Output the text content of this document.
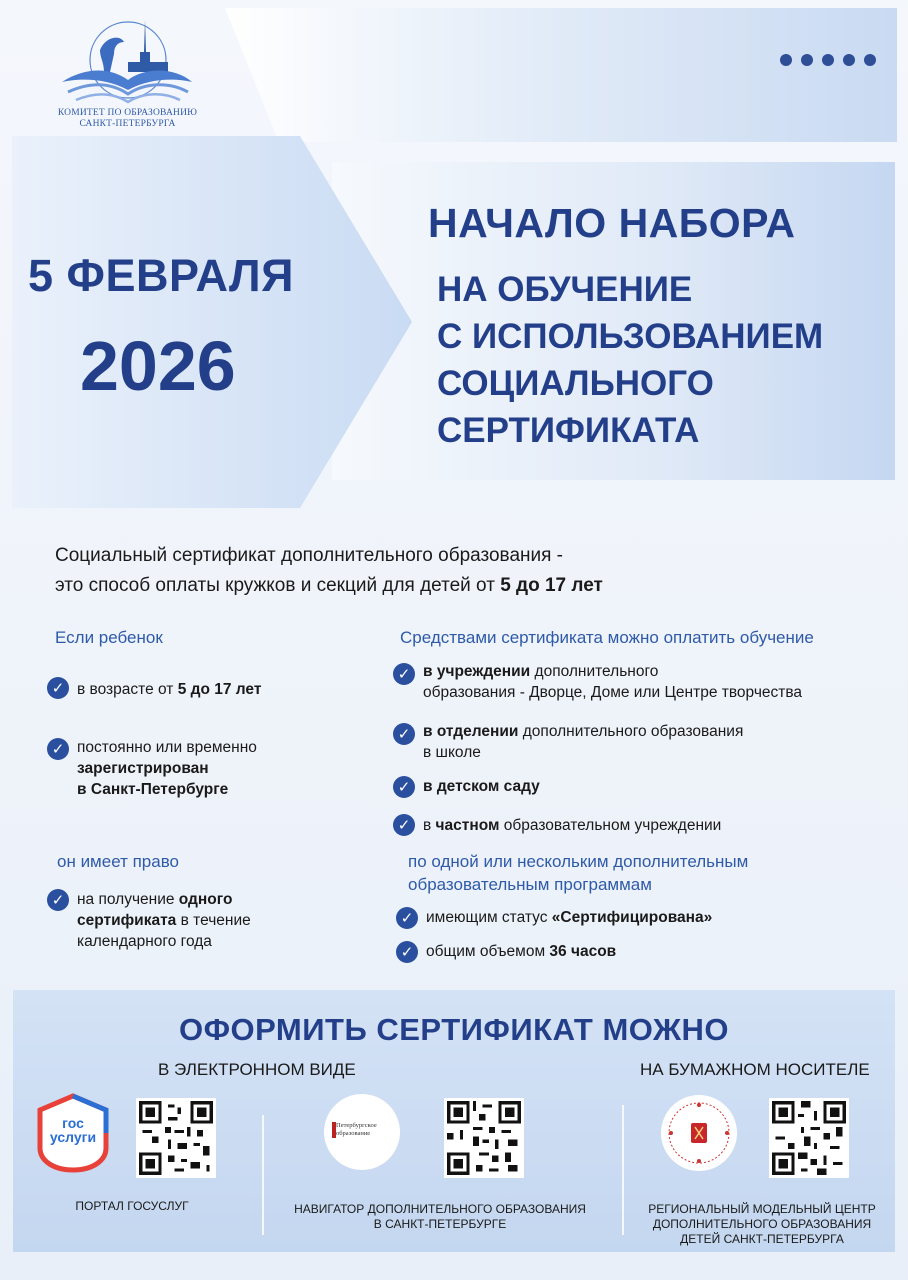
КОМИТЕТ ПО ОБРАЗОВАНИЮ
САНКТ-ПЕТЕРБУРГА
5 ФЕВРАЛЯ
2026
НАЧАЛО НАБОРА
НА ОБУЧЕНИЕ
С ИСПОЛЬЗОВАНИЕМ
СОЦИАЛЬНОГО
СЕРТИФИКАТА
Социальный сертификат дополнительного образования -
это способ оплаты кружков и секций для детей от 5 до 17 лет
Если ребенок
✓ в возрасте от 5 до 17 лет
✓ постоянно или временно
зарегистрирован
в Санкт-Петербурге
он имеет право
✓ на получение одного
сертификата в течение
календарного года
Средствами сертификата можно оплатить обучение
✓ в учреждении дополнительного
образования - Дворце, Доме или Центре творчества
✓ в отделении дополнительного образования
в школе
✓ в детском саду
✓ в частном образовательном учреждении
по одной или нескольким дополнительным
образовательным программам
✓ имеющим статус «Сертифицирована»
✓ общим объемом 36 часов
ОФОРМИТЬ СЕРТИФИКАТ МОЖНО
В ЭЛЕКТРОННОМ ВИДЕ	НА БУМАЖНОМ НОСИТЕЛЕ
гос
услуги
Петербургское
образование
ПОРТАЛ ГОСУСЛУГ	НАВИГАТОР ДОПОЛНИТЕЛЬНОГО ОБРАЗОВАНИЯ
В САНКТ-ПЕТЕРБУРГЕ
РЕГИОНАЛЬНЫЙ МОДЕЛЬНЫЙ ЦЕНТР
ДОПОЛНИТЕЛЬНОГО ОБРАЗОВАНИЯ
ДЕТЕЙ САНКТ-ПЕТЕРБУРГА
